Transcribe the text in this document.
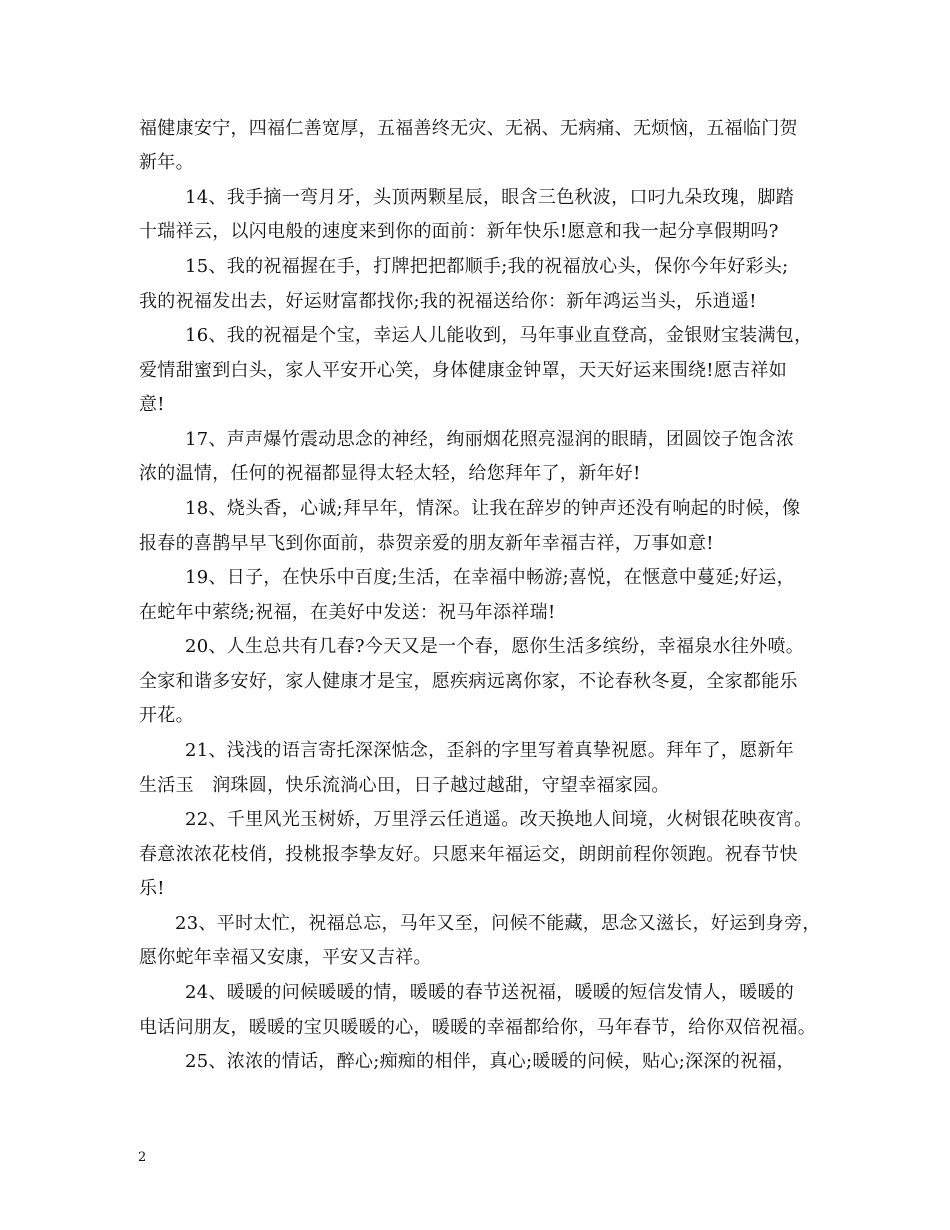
福健康安宁，四福仁善宽厚，五福善终无灾、无祸、无病痛、无烦恼，五福临门贺
新年。
14、我手摘一弯月牙，头顶两颗星辰，眼含三色秋波，口叼九朵玫瑰，脚踏
十瑞祥云，以闪电般的速度来到你的面前：新年快乐!愿意和我一起分享假期吗?
15、我的祝福握在手，打牌把把都顺手;我的祝福放心头，保你今年好彩头;
我的祝福发出去，好运财富都找你;我的祝福送给你：新年鸿运当头，乐逍遥!
16、我的祝福是个宝，幸运人儿能收到，马年事业直登高，金银财宝装满包，
爱情甜蜜到白头，家人平安开心笑，身体健康金钟罩，天天好运来围绕!愿吉祥如
意!
17、声声爆竹震动思念的神经，绚丽烟花照亮湿润的眼睛，团圆饺子饱含浓
浓的温情，任何的祝福都显得太轻太轻，给您拜年了，新年好!
18、烧头香，心诚;拜早年，情深。让我在辞岁的钟声还没有响起的时候，像
报春的喜鹊早早飞到你面前，恭贺亲爱的朋友新年幸福吉祥，万事如意!
19、日子，在快乐中百度;生活，在幸福中畅游;喜悦，在惬意中蔓延;好运，
在蛇年中萦绕;祝福，在美好中发送：祝马年添祥瑞!
20、人生总共有几春?今天又是一个春，愿你生活多缤纷，幸福泉水往外喷。
全家和谐多安好，家人健康才是宝，愿疾病远离你家，不论春秋冬夏，全家都能乐
开花。
21、浅浅的语言寄托深深惦念，歪斜的字里写着真挚祝愿。拜年了，愿新年
生活玉　润珠圆，快乐流淌心田，日子越过越甜，守望幸福家园。
22、千里风光玉树娇，万里浮云任逍遥。改天换地人间境，火树银花映夜宵。
春意浓浓花枝俏，投桃报李挚友好。只愿来年福运交，朗朗前程你领跑。祝春节快
乐!
23、平时太忙，祝福总忘，马年又至，问候不能藏，思念又滋长，好运到身旁，
愿你蛇年幸福又安康，平安又吉祥。
24、暖暖的问候暖暖的情，暖暖的春节送祝福，暖暖的短信发情人，暖暖的
电话问朋友，暖暖的宝贝暖暖的心，暖暖的幸福都给你，马年春节，给你双倍祝福。
25、浓浓的情话，醉心;痴痴的相伴，真心;暖暖的问候，贴心;深深的祝福，
2
